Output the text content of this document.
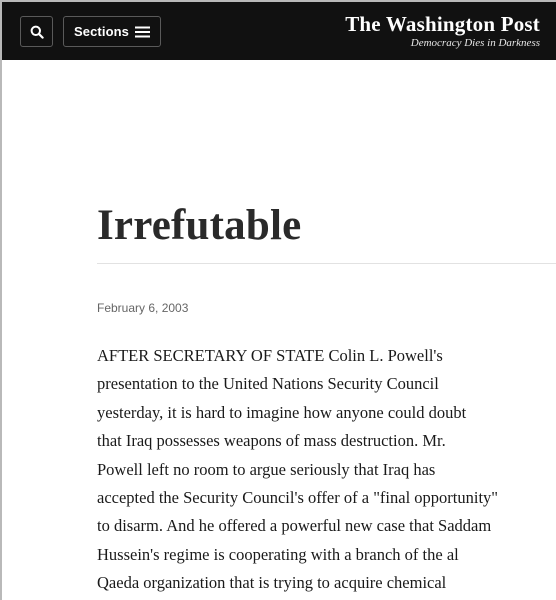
Sections	The Washington Post
Democracy Dies in Darkness
Irrefutable
February 6, 2003
AFTER SECRETARY OF STATE Colin L. Powell's
presentation to the United Nations Security Council
yesterday, it is hard to imagine how anyone could doubt
that Iraq possesses weapons of mass destruction. Mr.
Powell left no room to argue seriously that Iraq has
accepted the Security Council's offer of a "final opportunity"
to disarm. And he offered a powerful new case that Saddam
Hussein's regime is cooperating with a branch of the al
Qaeda organization that is trying to acquire chemical
